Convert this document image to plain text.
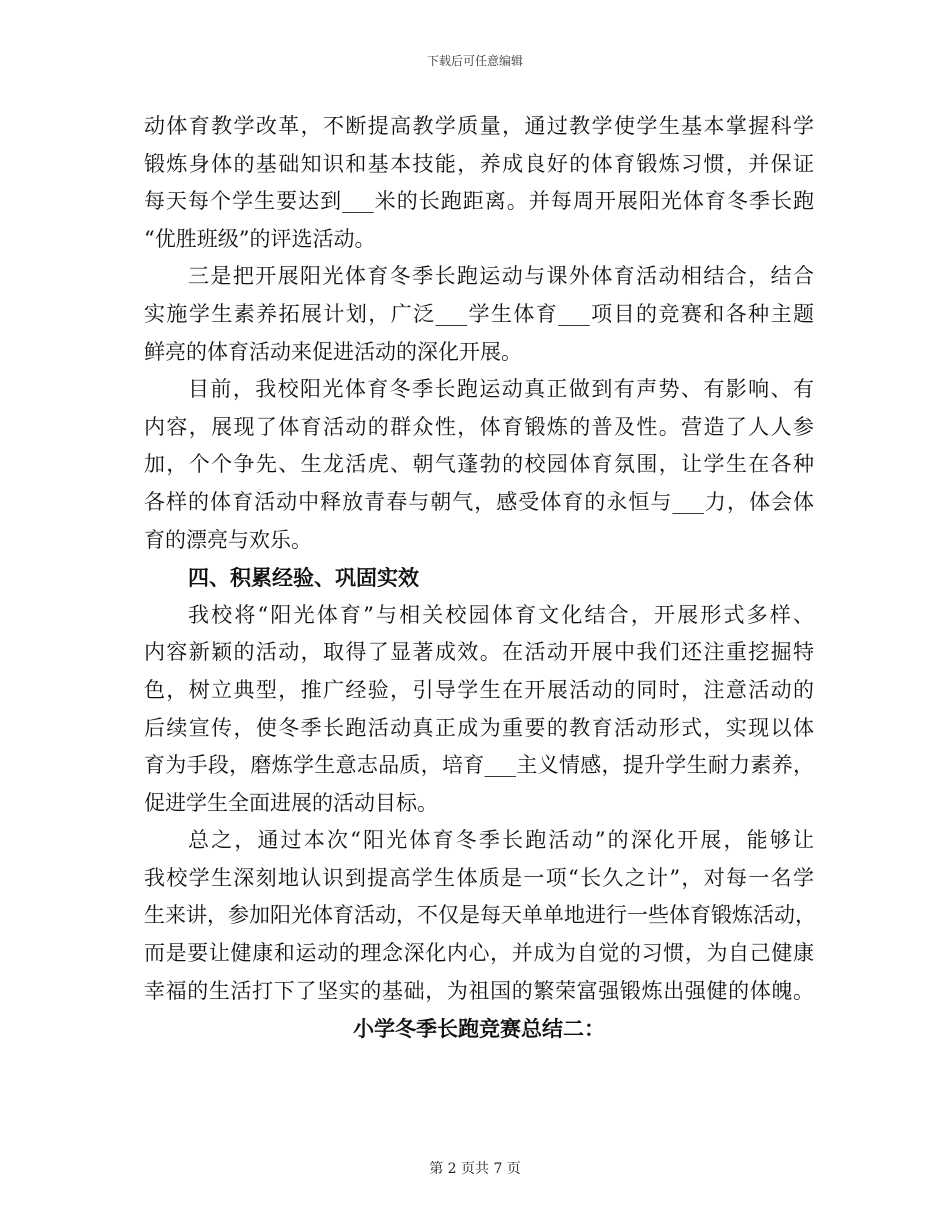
下载后可任意编辑
动体育教学改革，不断提高教学质量，通过教学使学生基本掌握科学
锻炼身体的基础知识和基本技能，养成良好的体育锻炼习惯，并保证
每天每个学生要达到___米的长跑距离。并每周开展阳光体育冬季长跑
“优胜班级”的评选活动。
三是把开展阳光体育冬季长跑运动与课外体育活动相结合，结合
实施学生素养拓展计划，广泛___学生体育___项目的竞赛和各种主题
鲜亮的体育活动来促进活动的深化开展。
目前，我校阳光体育冬季长跑运动真正做到有声势、有影响、有
内容，展现了体育活动的群众性，体育锻炼的普及性。营造了人人参
加，个个争先、生龙活虎、朝气蓬勃的校园体育氛围，让学生在各种
各样的体育活动中释放青春与朝气，感受体育的永恒与___力，体会体
育的漂亮与欢乐。
四、积累经验、巩固实效
我校将“阳光体育”与相关校园体育文化结合，开展形式多样、
内容新颖的活动，取得了显著成效。在活动开展中我们还注重挖掘特
色，树立典型，推广经验，引导学生在开展活动的同时，注意活动的
后续宣传，使冬季长跑活动真正成为重要的教育活动形式，实现以体
育为手段，磨炼学生意志品质，培育___主义情感，提升学生耐力素养，
促进学生全面进展的活动目标。
总之，通过本次“阳光体育冬季长跑活动”的深化开展，能够让
我校学生深刻地认识到提高学生体质是一项“长久之计”，对每一名学
生来讲，参加阳光体育活动，不仅是每天单单地进行一些体育锻炼活动，
而是要让健康和运动的理念深化内心，并成为自觉的习惯，为自己健康
幸福的生活打下了坚实的基础，为祖国的繁荣富强锻炼出强健的体魄。
小学冬季长跑竞赛总结二：
第 2 页共 7 页
